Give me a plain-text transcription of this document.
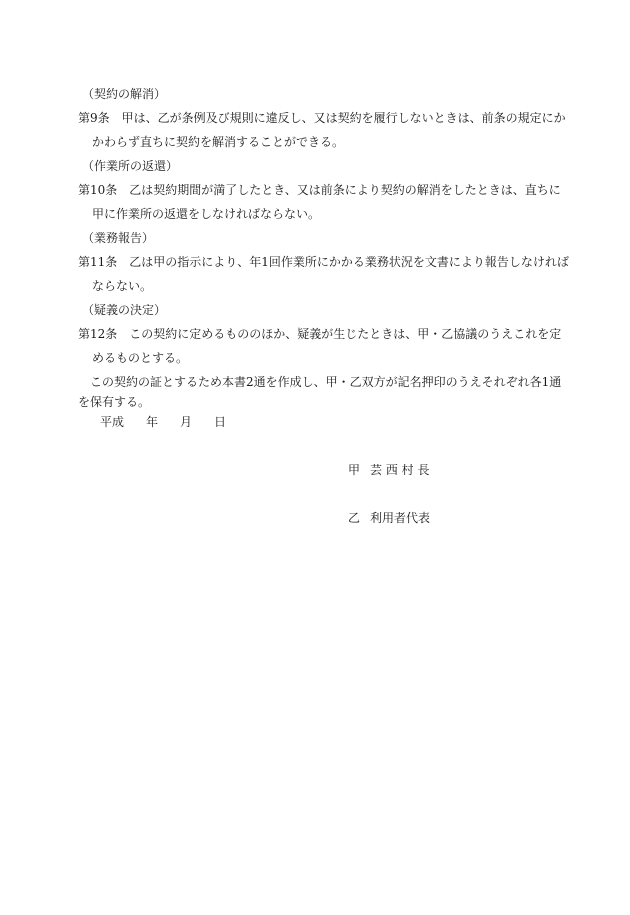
（契約の解消）
第9条 甲は、乙が条例及び規則に違反し、又は契約を履行しないときは、前条の規定にか
かわらず直ちに契約を解消することができる。
（作業所の返還）
第10条 乙は契約期間が満了したとき、又は前条により契約の解消をしたときは、直ちに
甲に作業所の返還をしなければならない。
（業務報告）
第11条 乙は甲の指示により、年1回作業所にかかる業務状況を文書により報告しなければ
ならない。
（疑義の決定）
第12条 この契約に定めるもののほか、疑義が生じたときは、甲・乙協議のうえこれを定
めるものとする。
この契約の証とするため本書2通を作成し、甲・乙双方が記名押印のうえそれぞれ各1通
を保有する。
平成 年 月 日
甲 芸 西 村 長
乙 利用者代表
